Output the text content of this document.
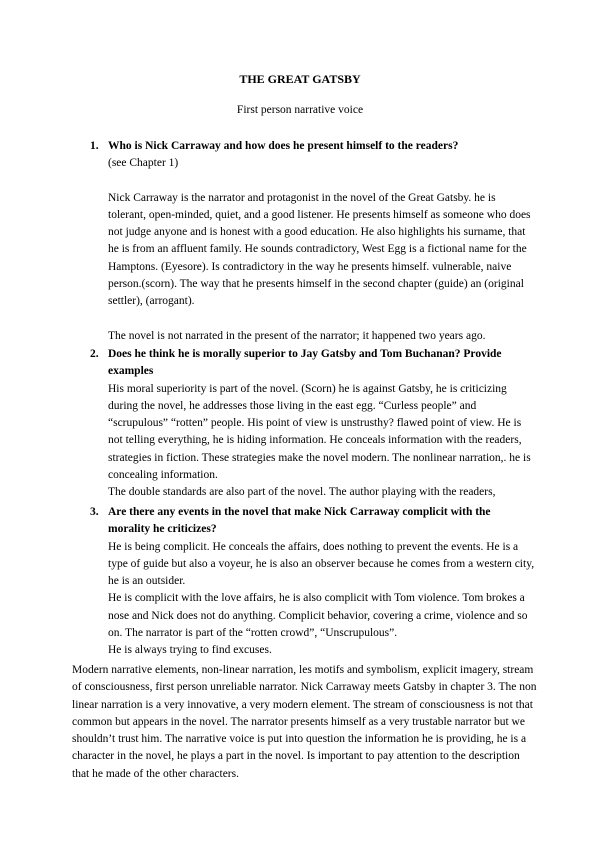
THE GREAT GATSBY
First person narrative voice
1. Who is Nick Carraway and how does he present himself to the readers?

(see Chapter 1)

Nick Carraway is the narrator and protagonist in the novel of the Great Gatsby. he is tolerant, open-minded, quiet, and a good listener. He presents himself as someone who does not judge anyone and is honest with a good education. He also highlights his surname, that he is from an affluent family. He sounds contradictory, West Egg is a fictional name for the Hamptons. (Eyesore). Is contradictory in the way he presents himself. vulnerable, naive person.(scorn). The way that he presents himself in the second chapter (guide) an (original settler), (arrogant).

The novel is not narrated in the present of the narrator; it happened two years ago.

2. Does he think he is morally superior to Jay Gatsby and Tom Buchanan? Provide examples

His moral superiority is part of the novel. (Scorn) he is against Gatsby, he is criticizing during the novel, he addresses those living in the east egg. “Curless people” and “scrupulous” “rotten” people. His point of view is unstrusthy? flawed point of view. He is not telling everything, he is hiding information. He conceals information with the readers, strategies in fiction. These strategies make the novel modern. The nonlinear narration,. he is concealing information.

The double standards are also part of the novel. The author playing with the readers,

3. Are there any events in the novel that make Nick Carraway complicit with the morality he criticizes?

He is being complicit. He conceals the affairs, does nothing to prevent the events. He is a type of guide but also a voyeur, he is also an observer because he comes from a western city, he is an outsider.

He is complicit with the love affairs, he is also complicit with Tom violence. Tom brokes a nose and Nick does not do anything. Complicit behavior, covering a crime, violence and so on. The narrator is part of the “rotten crowd”, “Unscrupulous”.

He is always trying to find excuses.

Modern narrative elements, non-linear narration, les motifs and symbolism, explicit imagery, stream of consciousness, first person unreliable narrator. Nick Carraway meets Gatsby in chapter 3. The non linear narration is a very innovative, a very modern element. The stream of consciousness is not that common but appears in the novel. The narrator presents himself as a very trustable narrator but we shouldn’t trust him. The narrative voice is put into question the information he is providing, he is a character in the novel, he plays a part in the novel. Is important to pay attention to the description that he made of the other characters.
